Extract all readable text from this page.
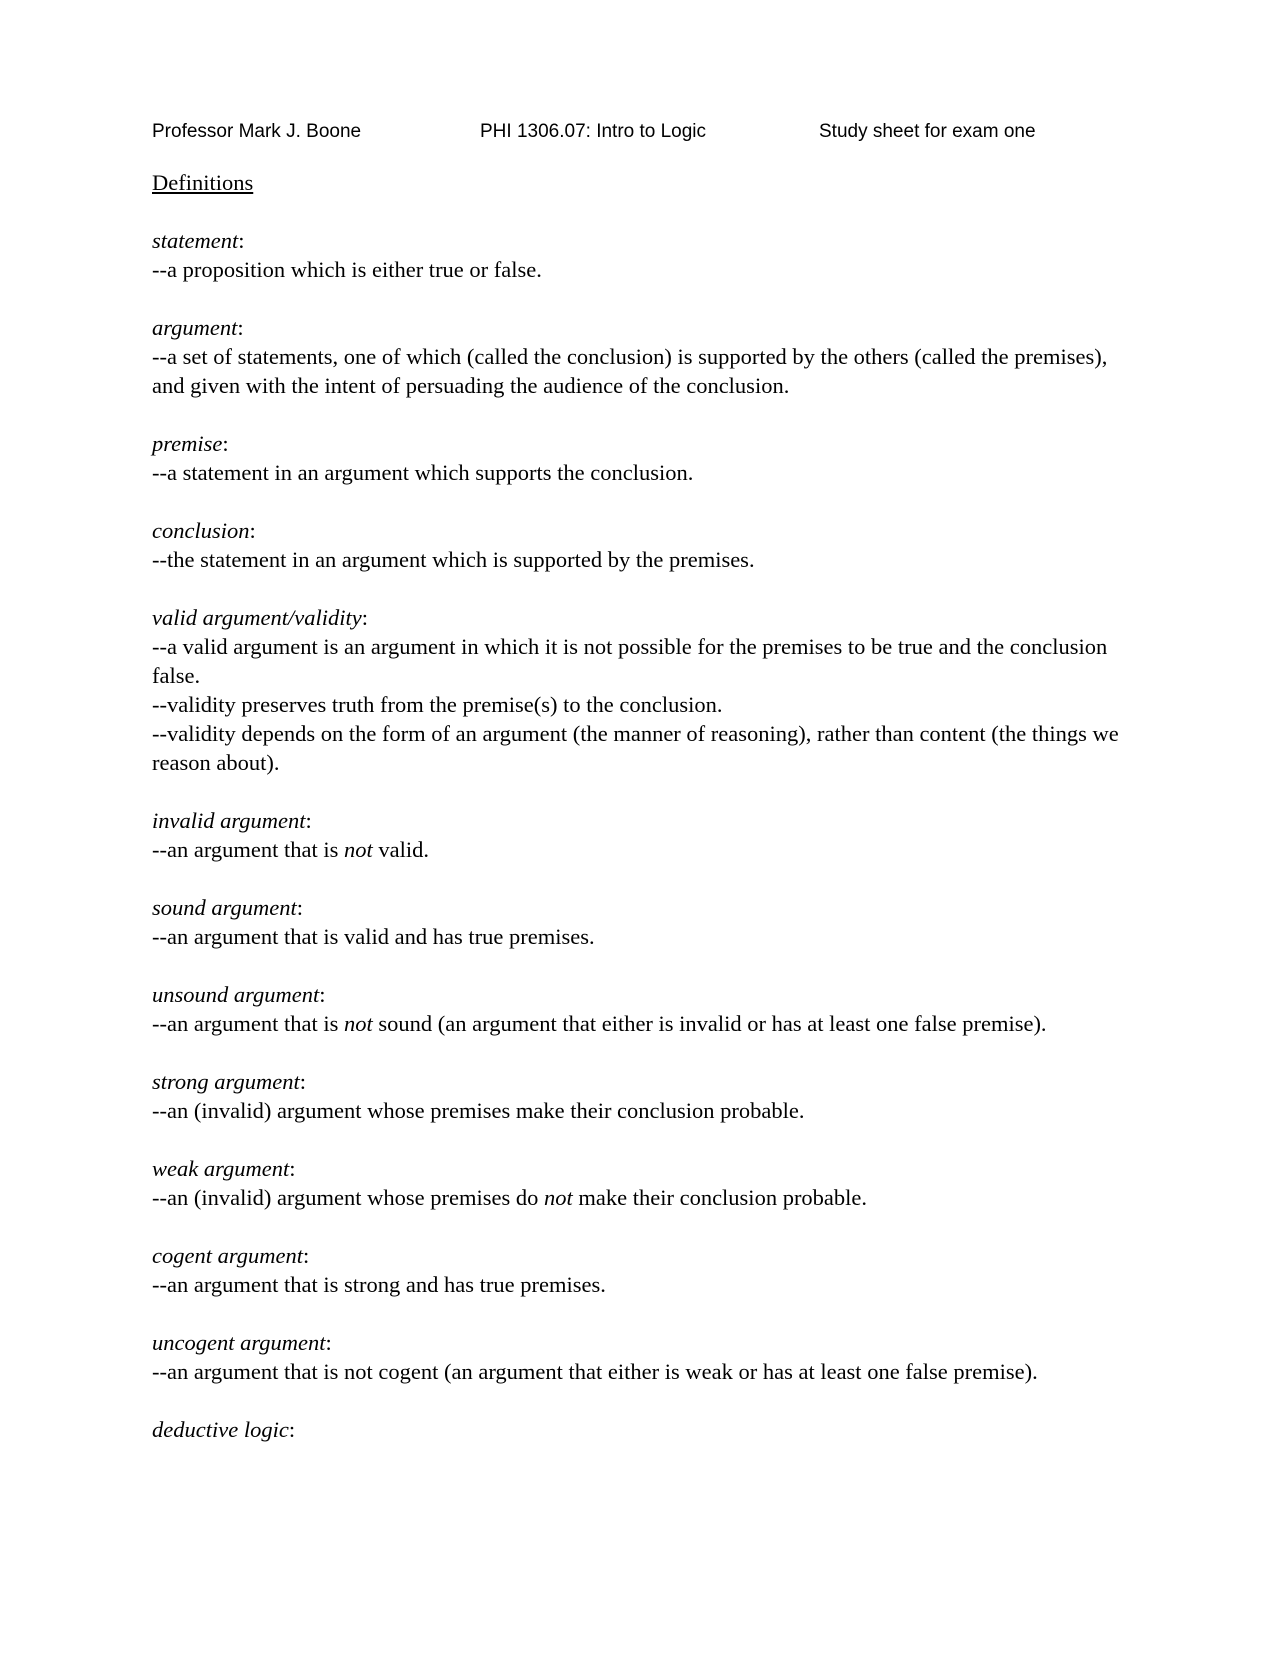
Professor Mark J. Boone	PHI 1306.07: Intro to Logic	Study sheet for exam one
Definitions
statement:
--a proposition which is either true or false.
argument:
--a set of statements, one of which (called the conclusion) is supported by the others (called the premises), and given with the intent of persuading the audience of the conclusion.
premise:
--a statement in an argument which supports the conclusion.
conclusion:
--the statement in an argument which is supported by the premises.
valid argument/validity:
--a valid argument is an argument in which it is not possible for the premises to be true and the conclusion false.
--validity preserves truth from the premise(s) to the conclusion.
--validity depends on the form of an argument (the manner of reasoning), rather than content (the things we reason about).
invalid argument:
--an argument that is not valid.
sound argument:
--an argument that is valid and has true premises.
unsound argument:
--an argument that is not sound (an argument that either is invalid or has at least one false premise).
strong argument:
--an (invalid) argument whose premises make their conclusion probable.
weak argument:
--an (invalid) argument whose premises do not make their conclusion probable.
cogent argument:
--an argument that is strong and has true premises.
uncogent argument:
--an argument that is not cogent (an argument that either is weak or has at least one false premise).
deductive logic:
